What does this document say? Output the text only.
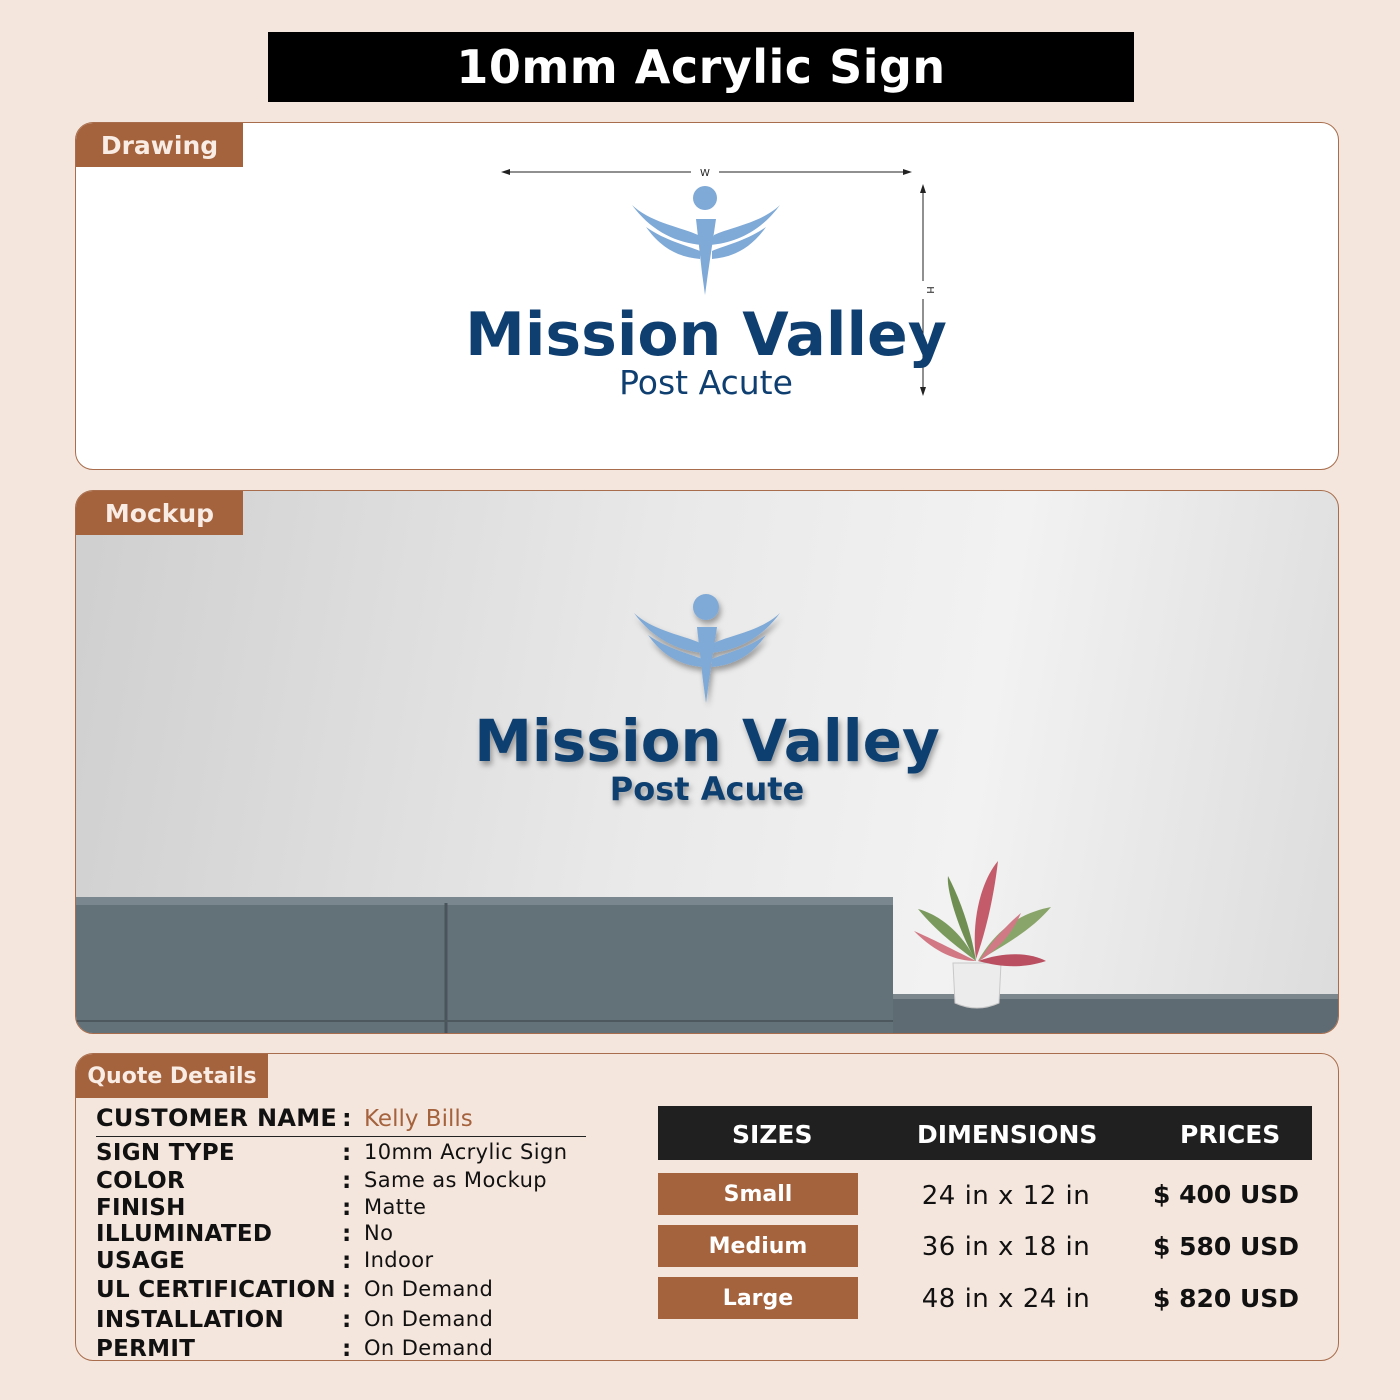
10mm Acrylic Sign
Drawing
W
H
Mission Valley
Post Acute
Mission Valley
Post Acute
Mockup
Quote Details
CUSTOMER NAME : Kelly Bills
SIGN TYPE	: 10mm Acrylic Sign
COLOR	: Same as Mockup
FINISH	: Matte
ILLUMINATED	: No
USAGE	: Indoor
UL CERTIFICATION : On Demand
INSTALLATION	: On Demand
PERMIT	: On Demand
SIZES	DIMENSIONS	PRICES
Small	24 in x 12 in	$ 400 USD
Medium	36 in x 18 in	$ 580 USD
Large	48 in x 24 in	$ 820 USD
